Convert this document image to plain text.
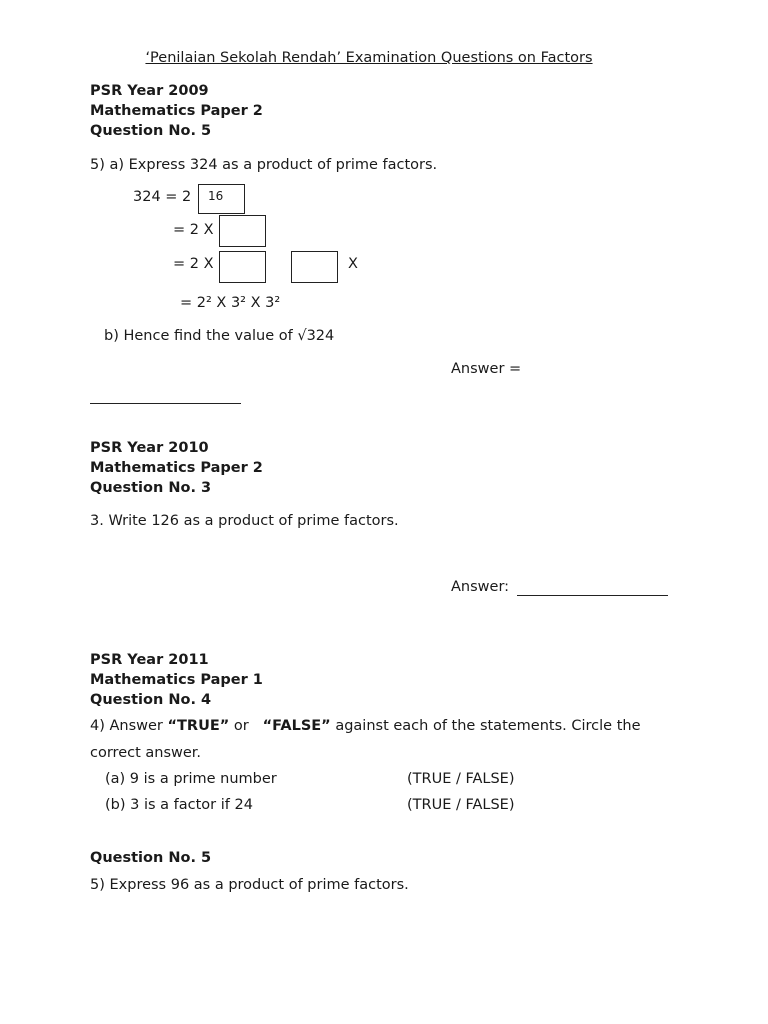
‘Penilaian Sekolah Rendah’ Examination Questions on Factors
PSR Year 2009
Mathematics Paper 2
Question No. 5
5) a) Express 324 as a product of prime factors.
324 = 2 16
= 2 X
= 2 X	X
= 2² X 3² X 3²
b) Hence find the value of √324
Answer =
PSR Year 2010
Mathematics Paper 2
Question No. 3
3. Write 126 as a product of prime factors.
Answer:
PSR Year 2011
Mathematics Paper 1
Question No. 4
4) Answer “TRUE” or   “FALSE” against each of the statements. Circle the
correct answer.
(a) 9 is a prime number	(TRUE / FALSE)
(b) 3 is a factor if 24	(TRUE / FALSE)
Question No. 5
5) Express 96 as a product of prime factors.
